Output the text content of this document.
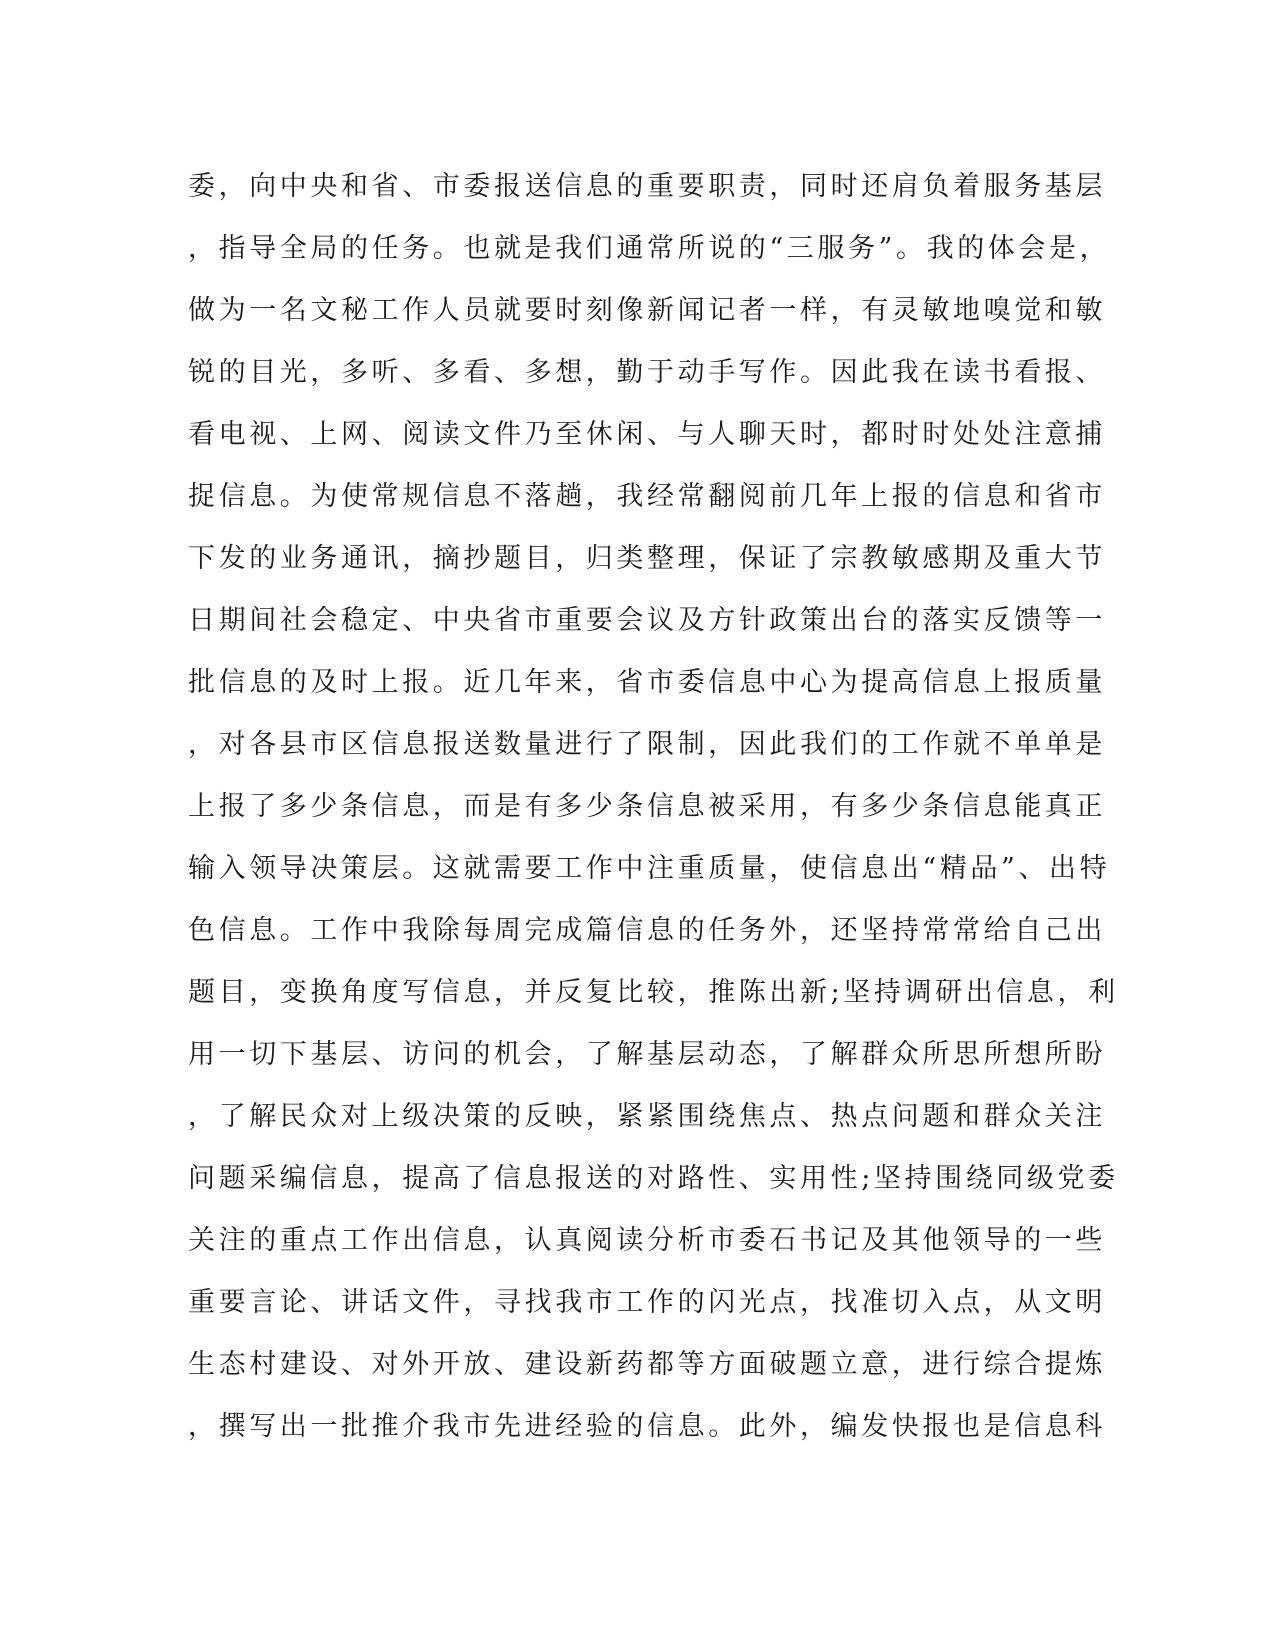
委，向中央和省、市委报送信息的重要职责，同时还肩负着服务基层
，指导全局的任务。也就是我们通常所说的“三服务”。我的体会是，
做为一名文秘工作人员就要时刻像新闻记者一样，有灵敏地嗅觉和敏
锐的目光，多听、多看、多想，勤于动手写作。因此我在读书看报、
看电视、上网、阅读文件乃至休闲、与人聊天时，都时时处处注意捕
捉信息。为使常规信息不落趟，我经常翻阅前几年上报的信息和省市
下发的业务通讯，摘抄题目，归类整理，保证了宗教敏感期及重大节
日期间社会稳定、中央省市重要会议及方针政策出台的落实反馈等一
批信息的及时上报。近几年来，省市委信息中心为提高信息上报质量
，对各县市区信息报送数量进行了限制，因此我们的工作就不单单是
上报了多少条信息，而是有多少条信息被采用，有多少条信息能真正
输入领导决策层。这就需要工作中注重质量，使信息出“精品”、出特
色信息。工作中我除每周完成篇信息的任务外，还坚持常常给自己出
题目，变换角度写信息，并反复比较，推陈出新;坚持调研出信息，利
用一切下基层、访问的机会，了解基层动态，了解群众所思所想所盼
，了解民众对上级决策的反映，紧紧围绕焦点、热点问题和群众关注
问题采编信息，提高了信息报送的对路性、实用性;坚持围绕同级党委
关注的重点工作出信息，认真阅读分析市委石书记及其他领导的一些
重要言论、讲话文件，寻找我市工作的闪光点，找准切入点，从文明
生态村建设、对外开放、建设新药都等方面破题立意，进行综合提炼
，撰写出一批推介我市先进经验的信息。此外，编发快报也是信息科
